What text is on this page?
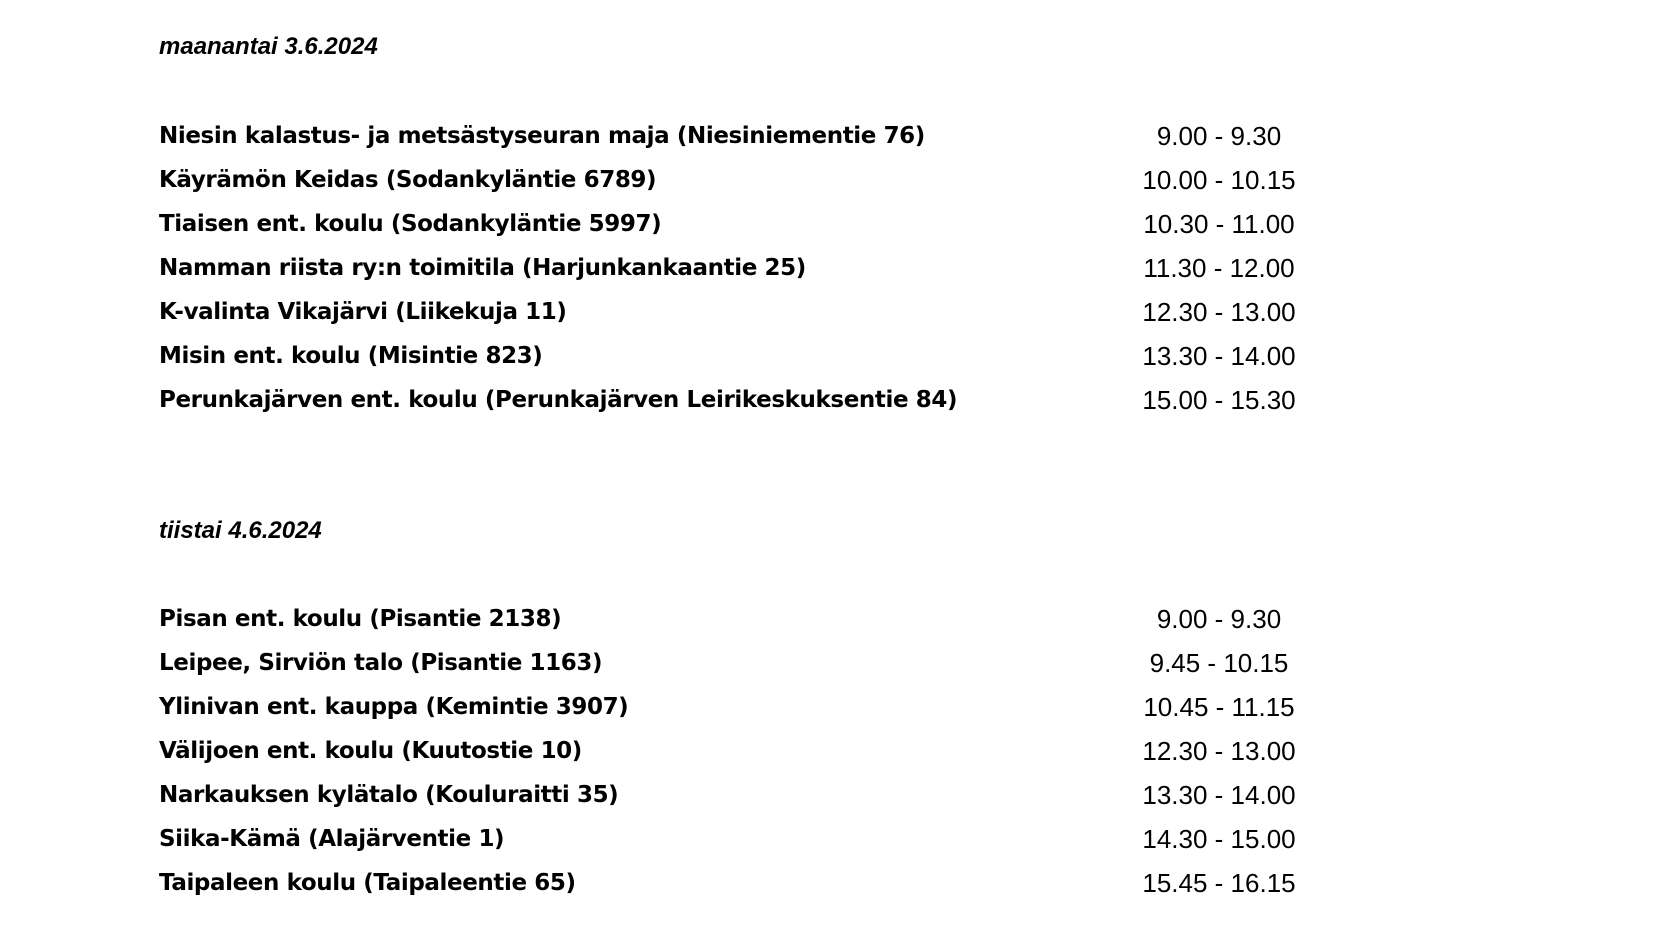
maanantai 3.6.2024
Niesin kalastus- ja metsästyseuran maja (Niesiniementie 76)	9.00 - 9.30
Käyrämön Keidas (Sodankyläntie 6789)	10.00 - 10.15
Tiaisen ent. koulu (Sodankyläntie 5997)	10.30 - 11.00
Namman riista ry:n toimitila (Harjunkankaantie 25)	11.30 - 12.00
K-valinta Vikajärvi (Liikekuja 11)	12.30 - 13.00
Misin ent. koulu (Misintie 823)	13.30 - 14.00
Perunkajärven ent. koulu (Perunkajärven Leirikeskuksentie 84)	15.00 - 15.30
tiistai 4.6.2024
Pisan ent. koulu (Pisantie 2138)	9.00 - 9.30
Leipee, Sirviön talo (Pisantie 1163)	9.45 - 10.15
Ylinivan ent. kauppa (Kemintie 3907)	10.45 - 11.15
Välijoen ent. koulu (Kuutostie 10)	12.30 - 13.00
Narkauksen kylätalo (Kouluraitti 35)	13.30 - 14.00
Siika-Kämä (Alajärventie 1)	14.30 - 15.00
Taipaleen koulu (Taipaleentie 65)	15.45 - 16.15
